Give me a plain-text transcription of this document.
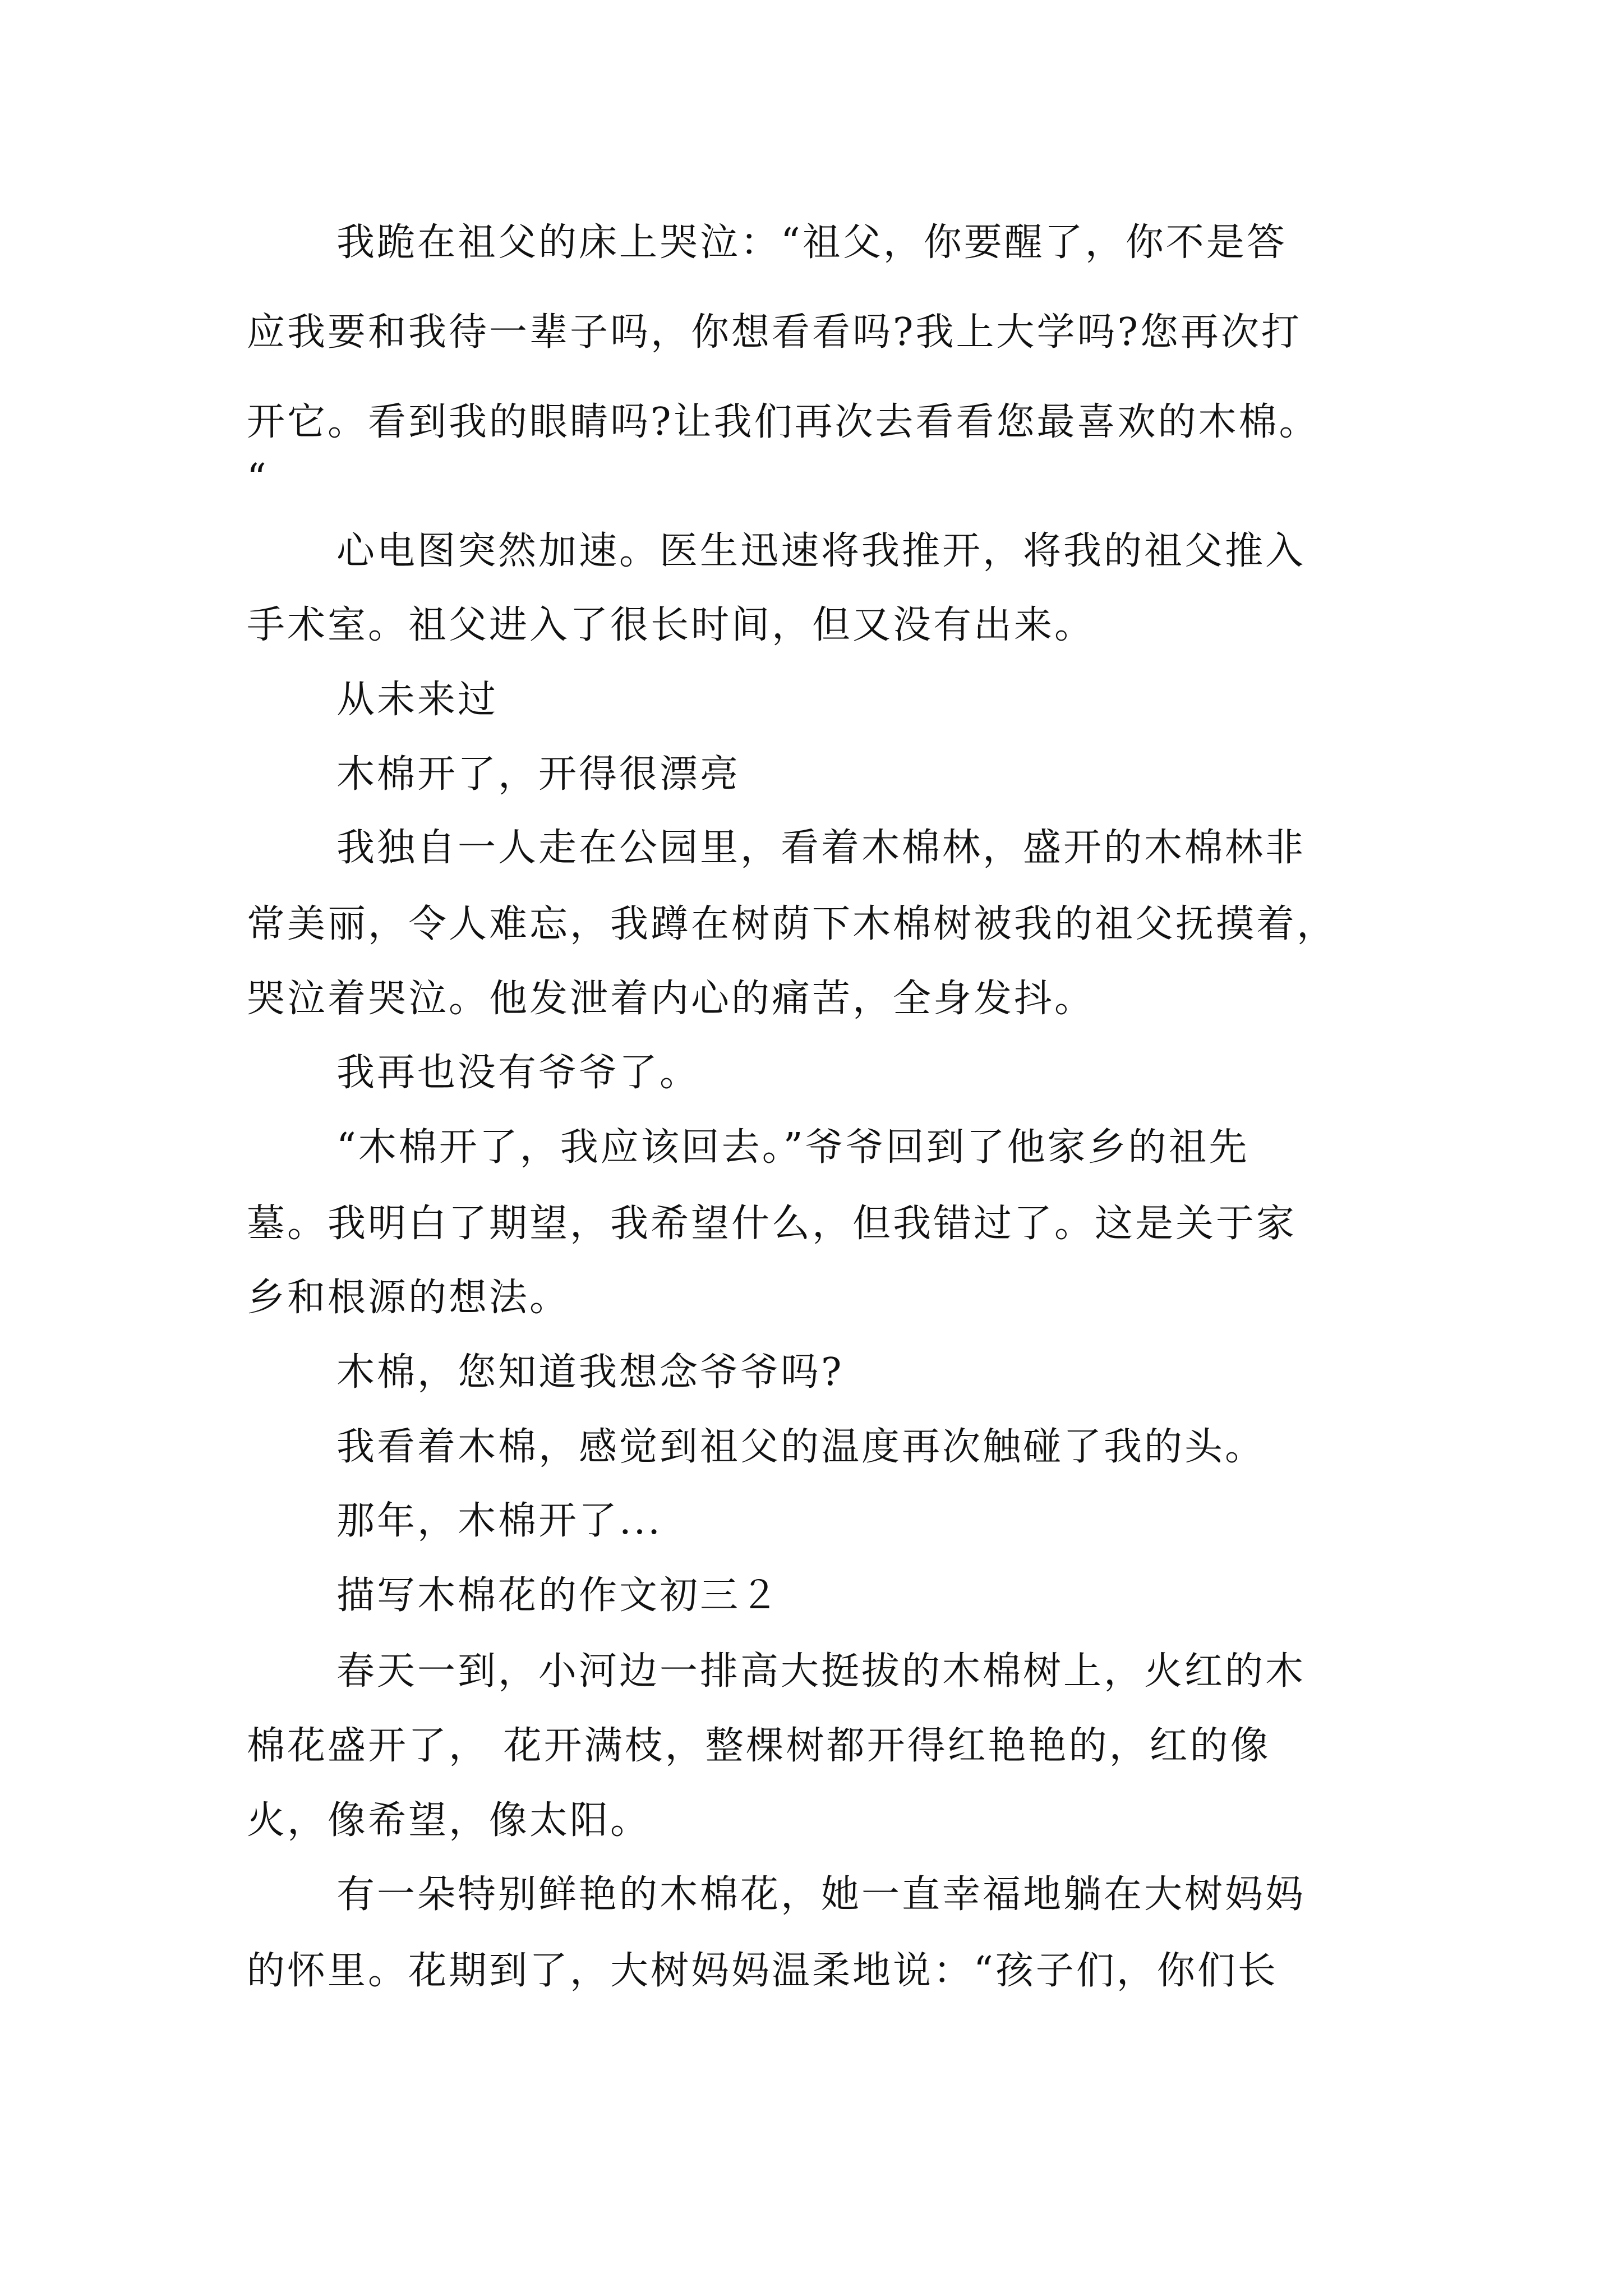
我跪在祖父的床上哭泣：“祖父，你要醒了，你不是答
应我要和我待一辈子吗，你想看看吗?我上大学吗?您再次打
开它。看到我的眼睛吗?让我们再次去看看您最喜欢的木棉。
“
心电图突然加速。医生迅速将我推开，将我的祖父推入
手术室。祖父进入了很长时间，但又没有出来。
从未来过
木棉开了，开得很漂亮
我独自一人走在公园里，看着木棉林，盛开的木棉林非
常美丽，令人难忘，我蹲在树荫下木棉树被我的祖父抚摸着，
哭泣着哭泣。他发泄着内心的痛苦，全身发抖。
我再也没有爷爷了。
“木棉开了，我应该回去。”爷爷回到了他家乡的祖先
墓。我明白了期望，我希望什么，但我错过了。这是关于家
乡和根源的想法。
木棉，您知道我想念爷爷吗?
我看着木棉，感觉到祖父的温度再次触碰了我的头。
那年，木棉开了...
描写木棉花的作文初三２
春天一到，小河边一排高大挺拔的木棉树上，火红的木
棉花盛开了， 花开满枝，整棵树都开得红艳艳的，红的像
火，像希望，像太阳。
有一朵特别鲜艳的木棉花，她一直幸福地躺在大树妈妈
的怀里。花期到了，大树妈妈温柔地说：“孩子们，你们长
